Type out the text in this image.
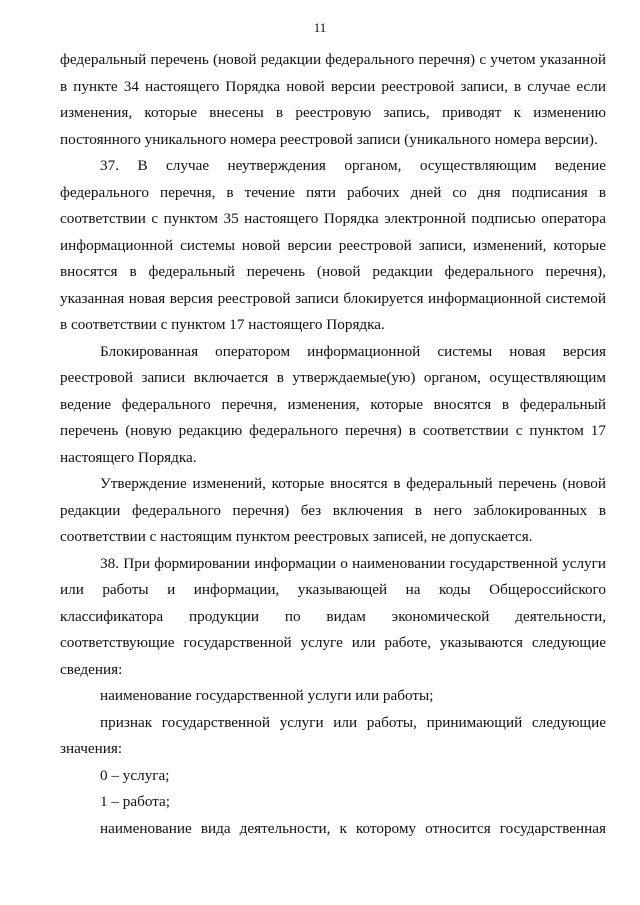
11

федеральный перечень (новой редакции федерального перечня) с учетом указанной в пункте 34 настоящего Порядка новой версии реестровой записи, в случае если изменения, которые внесены в реестровую запись, приводят к изменению постоянного уникального номера реестровой записи (уникального номера версии).

37. В случае неутверждения органом, осуществляющим ведение федерального перечня, в течение пяти рабочих дней со дня подписания в соответствии с пунктом 35 настоящего Порядка электронной подписью оператора информационной системы новой версии реестровой записи, изменений, которые вносятся в федеральный перечень (новой редакции федерального перечня), указанная новая версия реестровой записи блокируется информационной системой в соответствии с пунктом 17 настоящего Порядка.

Блокированная оператором информационной системы новая версия реестровой записи включается в утверждаемые(ую) органом, осуществляющим ведение федерального перечня, изменения, которые вносятся в федеральный перечень (новую редакцию федерального перечня) в соответствии с пунктом 17 настоящего Порядка.

Утверждение изменений, которые вносятся в федеральный перечень (новой редакции федерального перечня) без включения в него заблокированных в соответствии с настоящим пунктом реестровых записей, не допускается.

38. При формировании информации о наименовании государственной услуги или работы и информации, указывающей на коды Общероссийского классификатора продукции по видам экономической деятельности, соответствующие государственной услуге или работе, указываются следующие сведения:

наименование государственной услуги или работы;

признак государственной услуги или работы, принимающий следующие значения:

0 – услуга;

1 – работа;

наименование вида деятельности, к которому относится государственная
